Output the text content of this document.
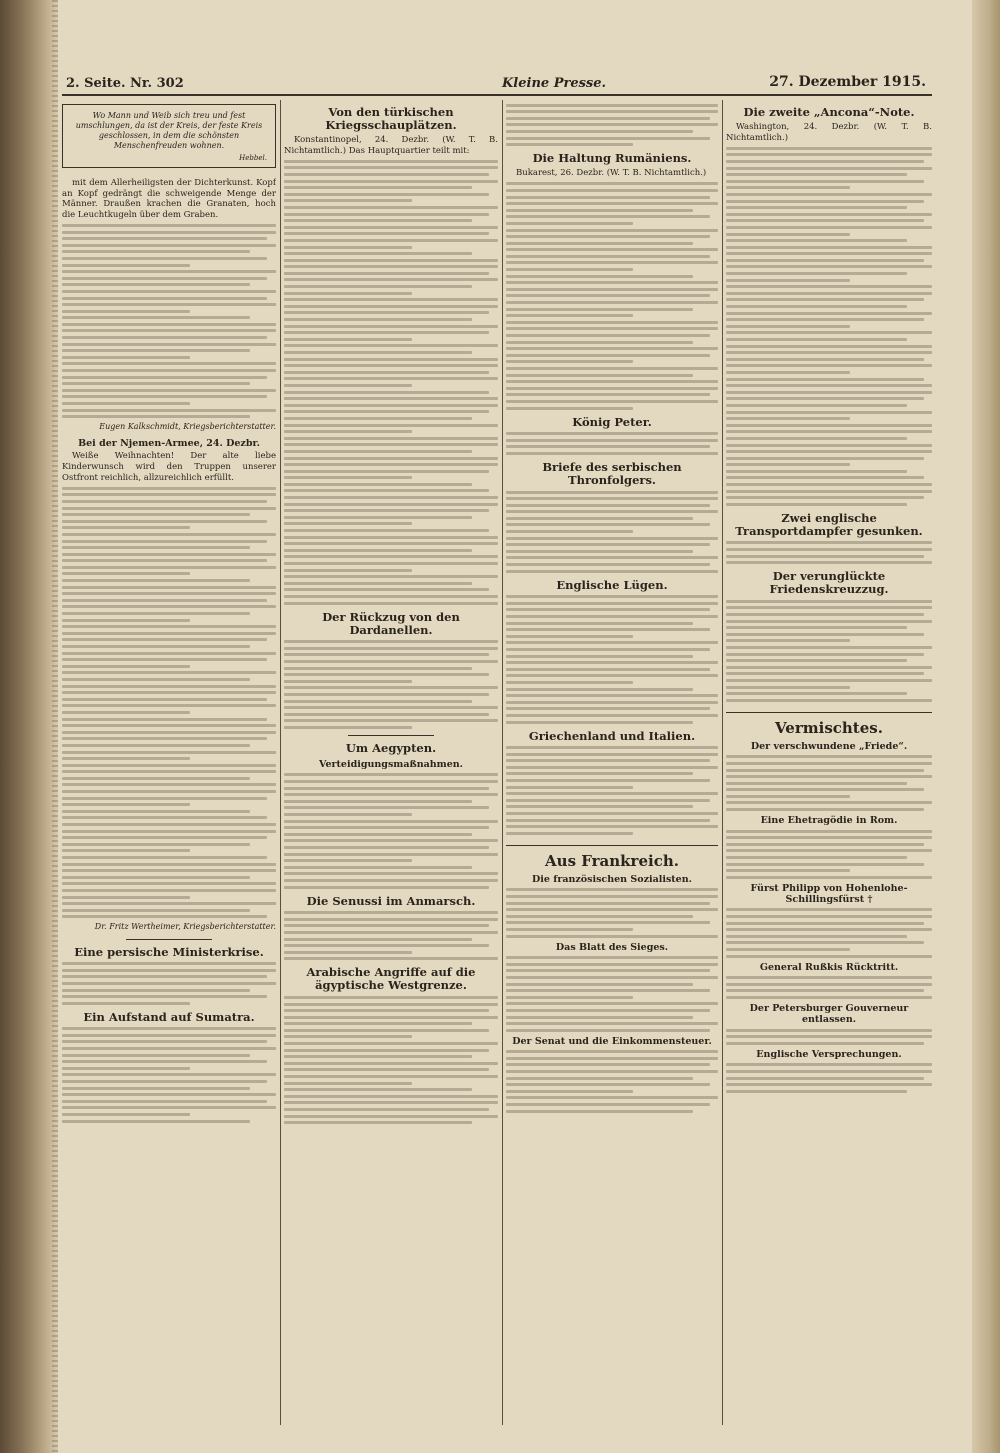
2. Seite. Nr. 302	Kleine Presse.	27. Dezember 1915.
Wo Mann und Weib sich treu und fest umschlungen, da ist der Kreis, der feste Kreis geschlossen, in dem die schönsten Menschenfreuden wohnen.
Hebbel.

mit dem Allerheiligsten der Dichterkunst. Kopf an Kopf gedrängt die schweigende Menge der Männer. Draußen krachen die Granaten, hoch die Leuchtkugeln über dem Graben.

Eugen Kalkschmidt, Kriegsberichterstatter.
Bei der Njemen-Armee, 24. Dezbr.

Weiße Weihnachten! Der alte liebe Kinderwunsch wird den Truppen unserer Ostfront reichlich, allzureichlich erfüllt.

Dr. Fritz Wertheimer, Kriegsberichterstatter.
Eine persische Ministerkrise.
Ein Aufstand auf Sumatra.
Von den türkischen Kriegsschauplätzen.

Konstantinopel, 24. Dezbr. (W. T. B. Nichtamtlich.) Das Hauptquartier teilt mit:

Der Rückzug von den Dardanellen.
Um Aegypten.
Verteidigungsmaßnahmen.
Die Senussi im Anmarsch.
Arabische Angriffe auf die ägyptische Westgrenze.
Die Haltung Rumäniens.

Bukarest, 26. Dezbr. (W. T. B. Nichtamtlich.)

König Peter.
Briefe des serbischen Thronfolgers.
Englische Lügen.
Griechenland und Italien.
Aus Frankreich.
Die französischen Sozialisten.
Das Blatt des Sieges.
Der Senat und die Einkommensteuer.
Die zweite „Ancona“-Note.

Washington, 24. Dezbr. (W. T. B. Nichtamtlich.)

Zwei englische Transportdampfer gesunken.
Der verunglückte Friedenskreuzzug.
Vermischtes.
Der verschwundene „Friede“.
Eine Ehetragödie in Rom.
Fürst Philipp von Hohenlohe-Schillingsfürst †
General Rußkis Rücktritt.
Der Petersburger Gouverneur entlassen.
Englische Versprechungen.
